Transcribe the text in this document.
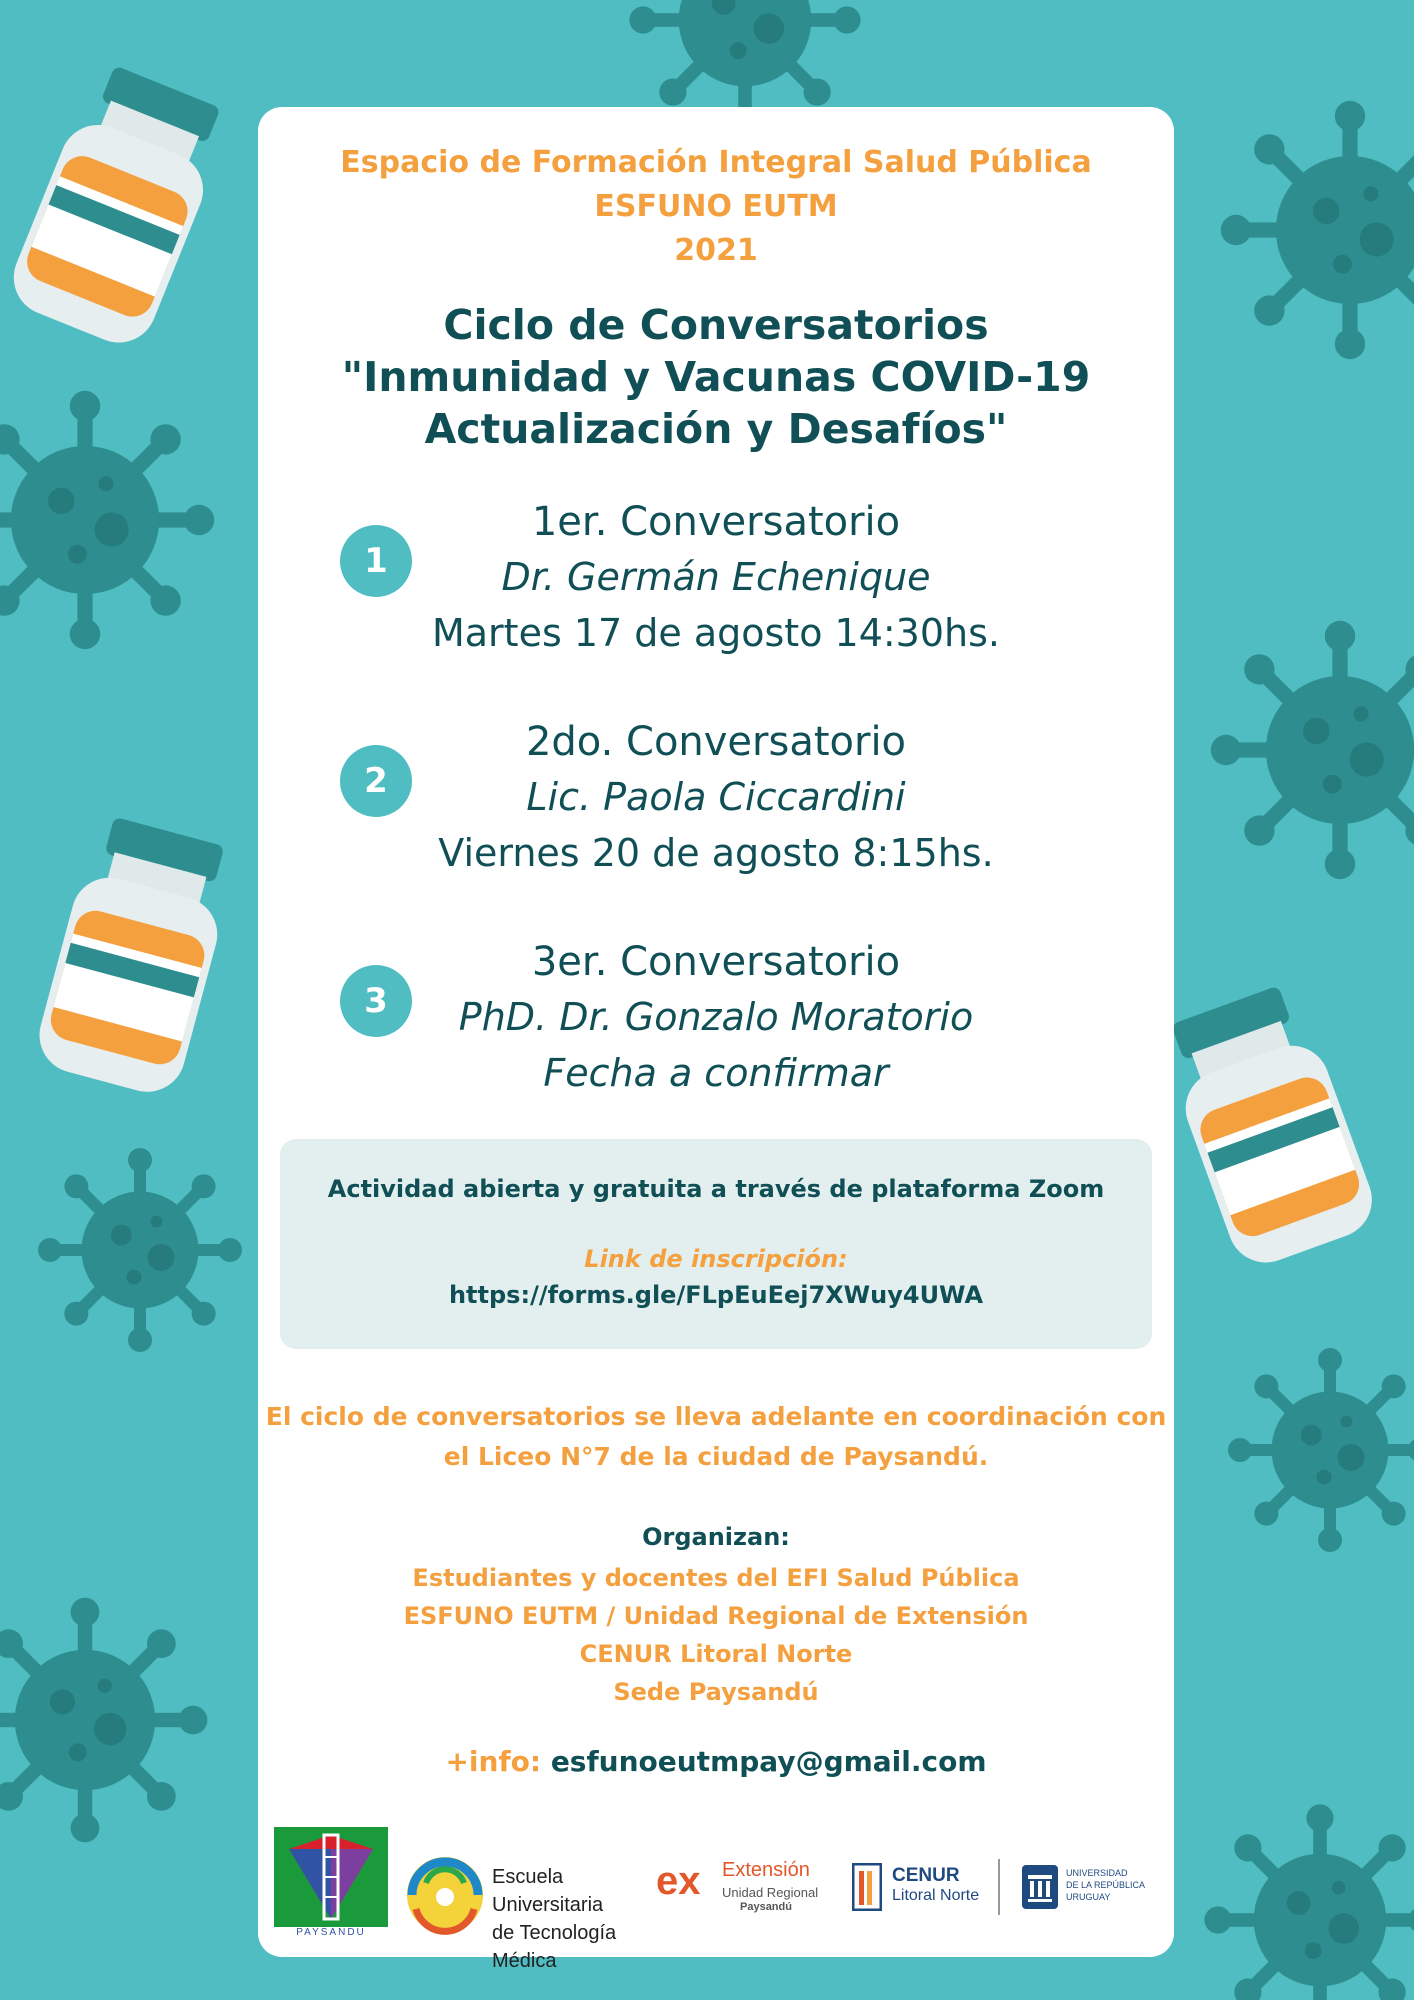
Espacio de Formación Integral Salud Pública
ESFUNO EUTM
2021
Ciclo de Conversatorios
"Inmunidad y Vacunas COVID-19
Actualización y Desafíos"
1
1er. Conversatorio
Dr. Germán Echenique
Martes 17 de agosto 14:30hs.
2
2do. Conversatorio
Lic. Paola Ciccardini
Viernes 20 de agosto 8:15hs.
3
3er. Conversatorio
PhD. Dr. Gonzalo Moratorio
Fecha a confirmar
Actividad abierta y gratuita a través de plataforma Zoom
Link de inscripción:
https://forms.gle/FLpEuEej7XWuy4UWA
El ciclo de conversatorios se lleva adelante en coordinación con
el Liceo N°7 de la ciudad de Paysandú.
Organizan:
Estudiantes y docentes del EFI Salud Pública
ESFUNO EUTM / Unidad Regional de Extensión
CENUR Litoral Norte
Sede Paysandú
+info: esfunoeutmpay@gmail.com
PAYSANDU
Escuela Universitaria
de Tecnología Médica
ex Extensión
Unidad Regional
Paysandú
CENUR
Litoral Norte
UNIVERSIDAD
DE LA REPÚBLICA
URUGUAY
